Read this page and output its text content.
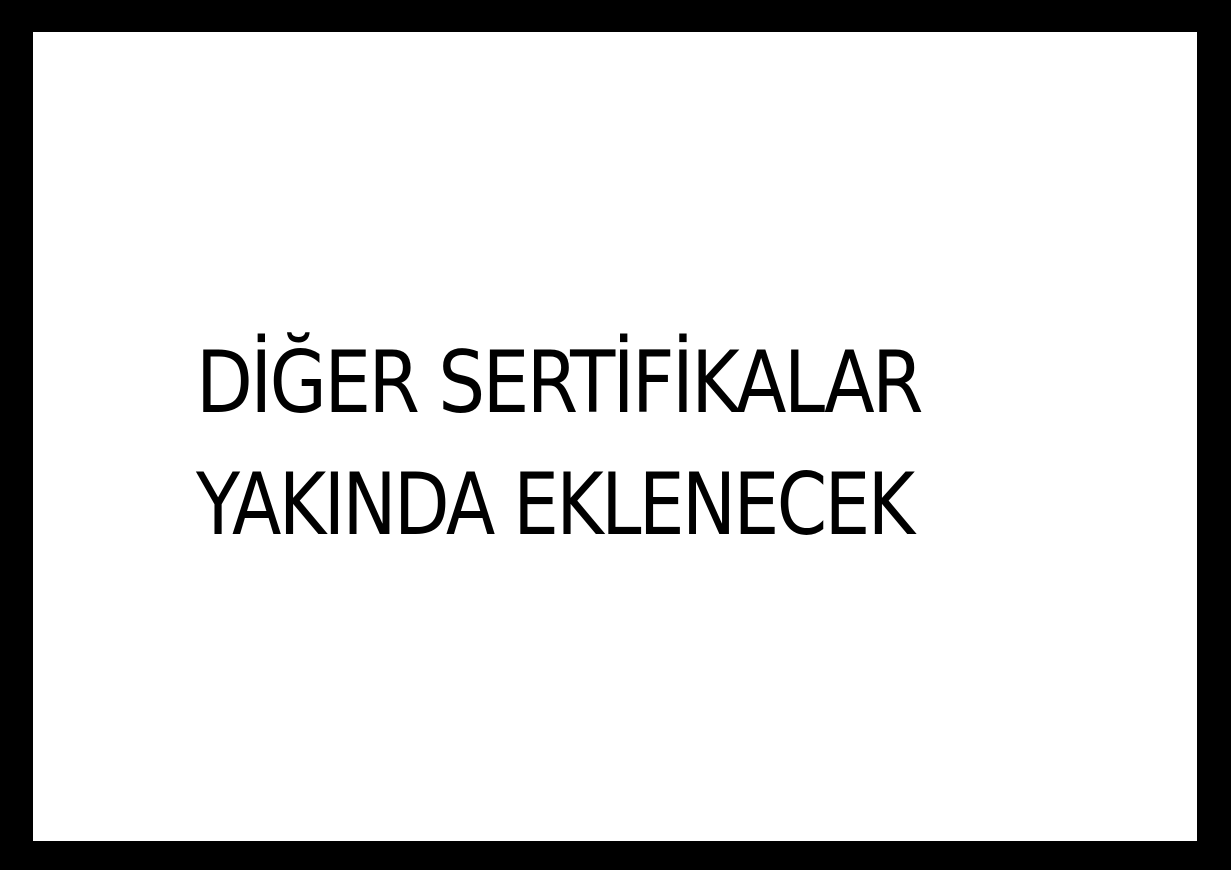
DİĞER SERTİFİKALAR
YAKINDA EKLENECEK
